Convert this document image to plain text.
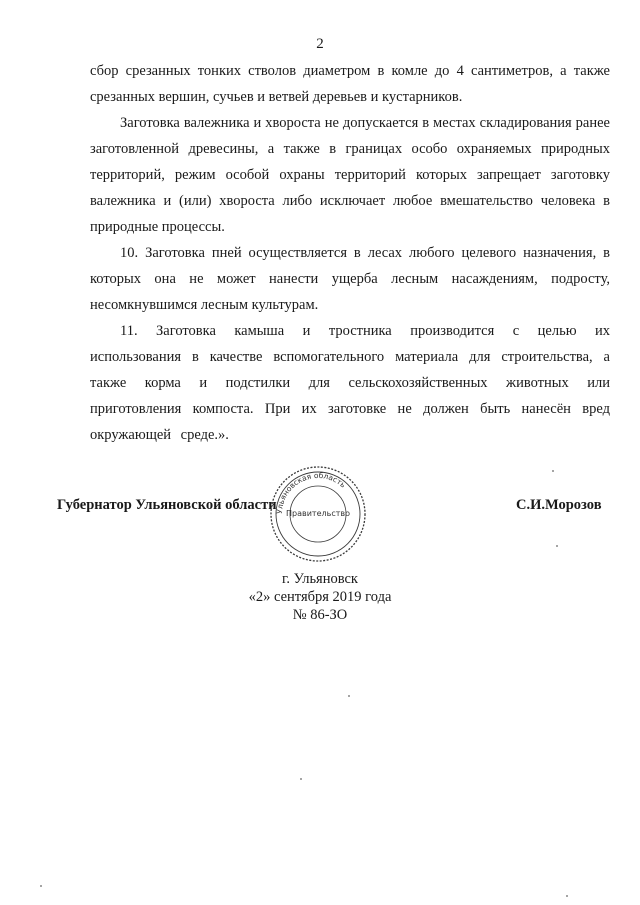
2

сбор срезанных тонких стволов диаметром в комле до 4 сантиметров, а также срезанных вершин, сучьев и ветвей деревьев и кустарников.

Заготовка валежника и хвороста не допускается в местах складирования ранее заготовленной древесины, а также в границах особо охраняемых природных территорий, режим особой охраны территорий которых запрещает заготовку валежника и (или) хвороста либо исключает любое вмешательство человека в природные процессы.

10. Заготовка пней осуществляется в лесах любого целевого назначения, в которых она не может нанести ущерба лесным насаждениям, подросту, несомкнувшимся лесным культурам.

11. Заготовка камыша и тростника производится с целью их использования в качестве вспомогательного материала для строительства, а также корма и подстилки для сельскохозяйственных животных или приготовления компоста. При их заготовке не должен быть нанесён вред окружающей среде.».

Губернатор Ульяновской области
Ульяновская область
Правительство
С.И.Морозов
г. Ульяновск
«2» сентября 2019 года
№ 86-ЗО
